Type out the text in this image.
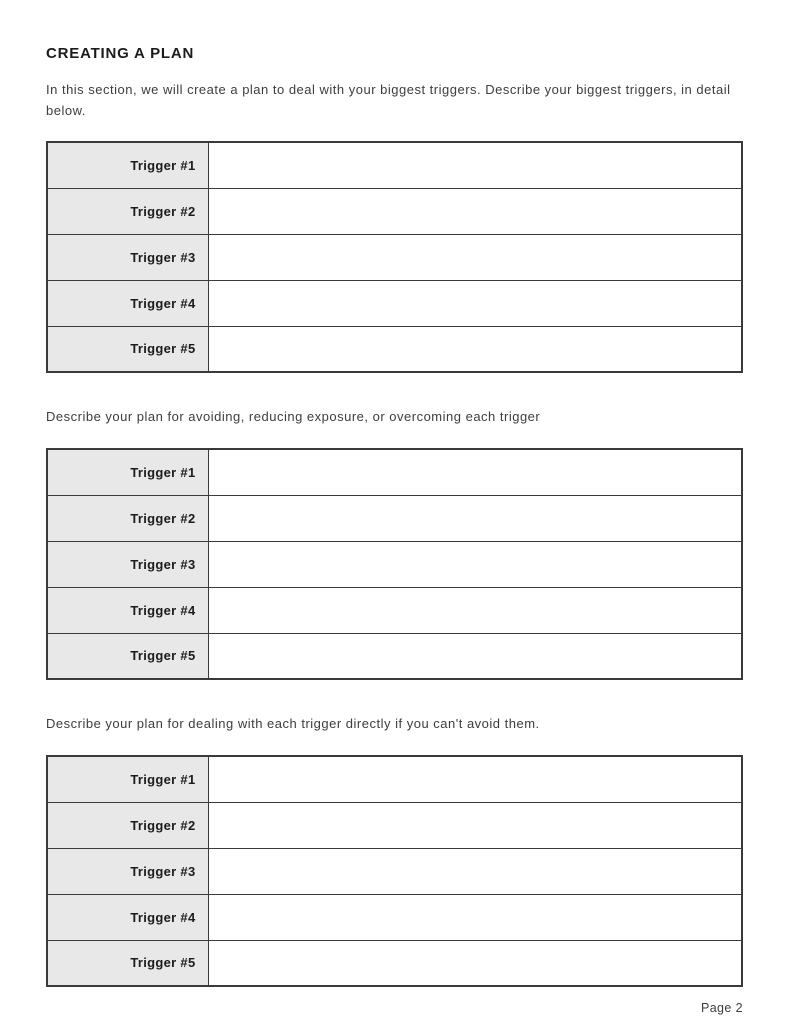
CREATING A PLAN

In this section, we will create a plan to deal with your biggest triggers. Describe your biggest triggers, in detail below.

Trigger #1	
Trigger #2	
Trigger #3	
Trigger #4	
Trigger #5	

Describe your plan for avoiding, reducing exposure, or overcoming each trigger

Trigger #1	
Trigger #2	
Trigger #3	
Trigger #4	
Trigger #5	

Describe your plan for dealing with each trigger directly if you can't avoid them.

Trigger #1	
Trigger #2	
Trigger #3	
Trigger #4	
Trigger #5	
Page 2
